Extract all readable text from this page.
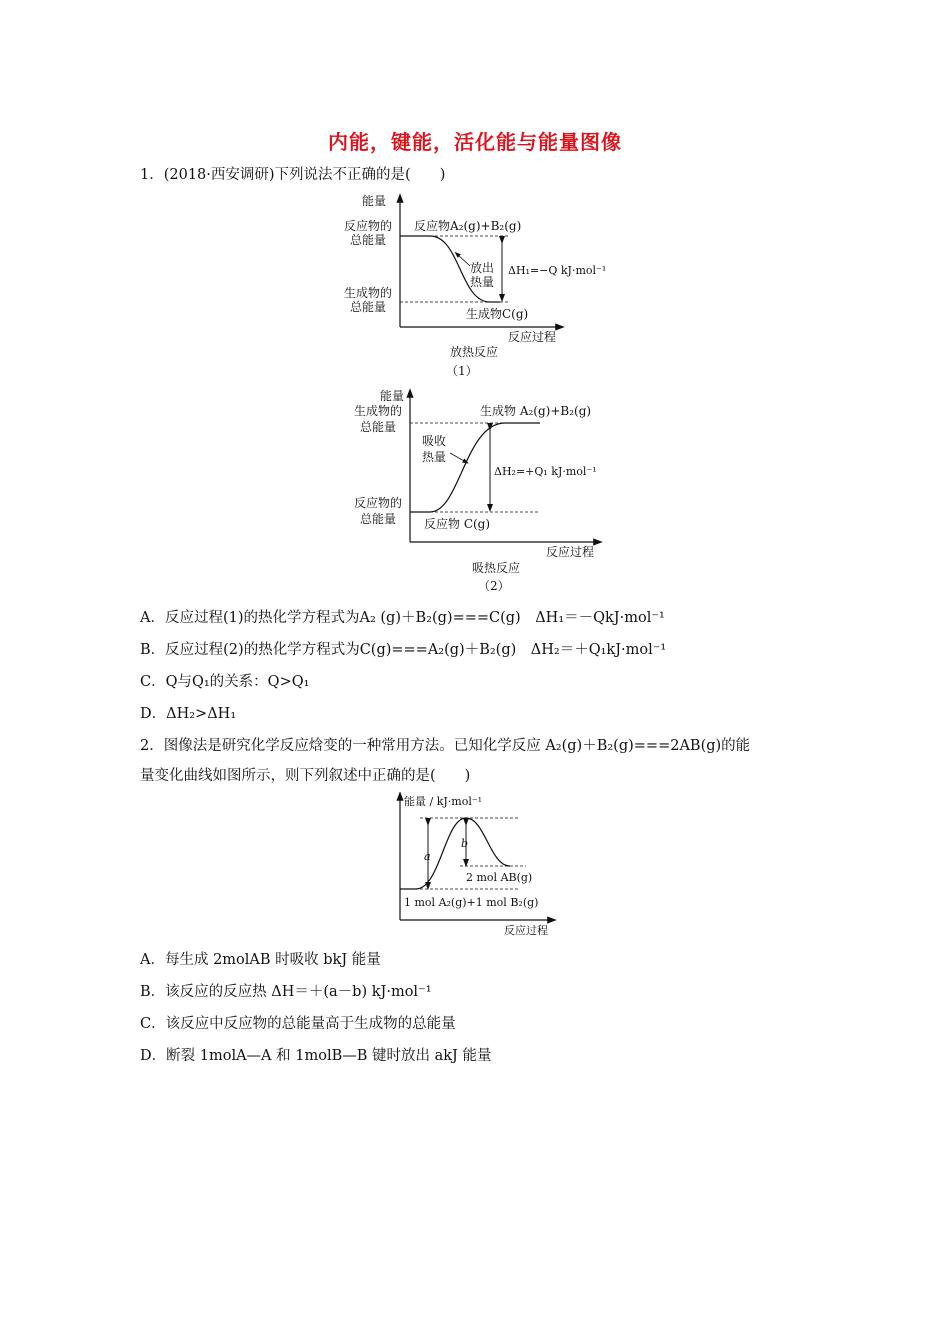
内能，键能，活化能与能量图像
1．(2018·西安调研)下列说法不正确的是(　　)
能量
反应物的
总能量
反应物A₂(g)+B₂(g)
放出
热量
ΔH₁=−Q kJ·mol⁻¹
生成物的
总能量	生成物C(g)
反应过程
放热反应
（1）
能量
生成物的
总能量
生成物 A₂(g)+B₂(g)
吸收
热量
ΔH₂=+Q₁ kJ·mol⁻¹
反应物的
总能量 反应物 C(g)
反应过程
吸热反应
（2）
A．反应过程(1)的热化学方程式为A₂ (g)＋B₂(g)===C(g)　ΔH₁＝－QkJ·mol⁻¹
B．反应过程(2)的热化学方程式为C(g)===A₂(g)＋B₂(g)　ΔH₂＝＋Q₁kJ·mol⁻¹
C．Q与Q₁的关系：Q>Q₁
D．ΔH₂>ΔH₁
2．图像法是研究化学反应焓变的一种常用方法。已知化学反应 A₂(g)＋B₂(g)===2AB(g)的能
量变化曲线如图所示，则下列叙述中正确的是(　　)
能量 / kJ·mol⁻¹
a
b
2 mol AB(g)
1 mol A₂(g)+1 mol B₂(g)
反应过程
A．每生成 2molAB 时吸收 bkJ 能量
B．该反应的反应热 ΔH＝＋(a－b) kJ·mol⁻¹
C．该反应中反应物的总能量高于生成物的总能量
D．断裂 1molA—A 和 1molB—B 键时放出 akJ 能量
